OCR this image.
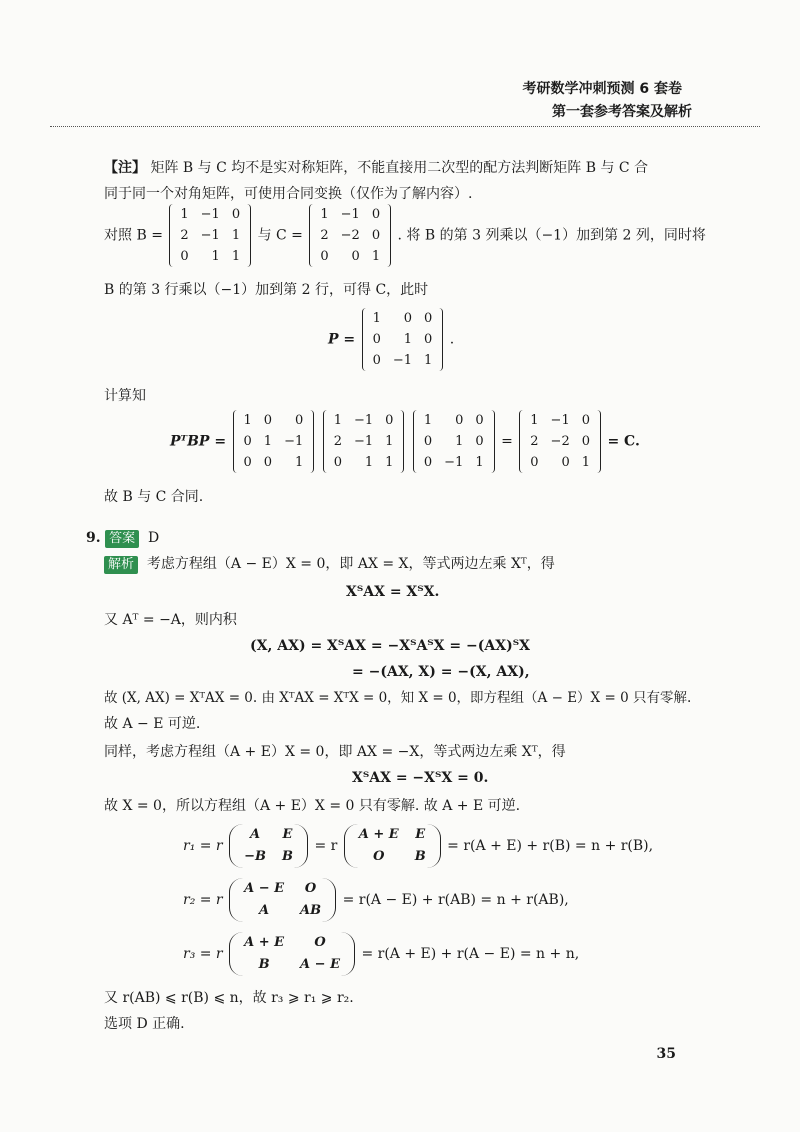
考研数学冲刺预测 6 套卷
第一套参考答案及解析
【注】 矩阵 B 与 C 均不是实对称矩阵，不能直接用二次型的配方法判断矩阵 B 与 C 合
同于同一个对角矩阵，可使用合同变换（仅作为了解内容）.
对照 B =
1	−1	0
2	−1	1
0	1	1
与 C =
1	−1	0
2	−2	0
0	0	1
. 将 B 的第 3 列乘以（−1）加到第 2 列，同时将
B 的第 3 行乘以（−1）加到第 2 行，可得 C，此时
P =
1	0	0
0	1	0
0	−1	1
.
计算知
PᵀBP =
1	0	0
0	1	−1
0	0	1

1	−1	0
2	−1	1
0	1	1

1	0	0
0	1	0
0	−1	1
=
1	−1	0
2	−2	0
0	0	1
= C.
故 B 与 C 合同.
9. 答案 D
解析 考虑方程组（A − E）X = 0，即 AX = X，等式两边左乘 Xᵀ，得
XᵀAX = XᵀX.
又 Aᵀ = −A，则内积
(X, AX) = XᵀAX = −XᵀAᵀX = −(AX)ᵀX
= −(AX, X) = −(X, AX),
故 (X, AX) = XᵀAX = 0. 由 XᵀAX = XᵀX = 0，知 X = 0，即方程组（A − E）X = 0 只有零解.
故 A − E 可逆.
同样，考虑方程组（A + E）X = 0，即 AX = −X，等式两边左乘 Xᵀ，得
XᵀAX = −XᵀX = 0.
故 X = 0，所以方程组（A + E）X = 0 只有零解. 故 A + E 可逆.
r₁ = r
A	E
−B	B
= r
A + E	E
O	B
= r(A + E) + r(B) = n + r(B),
r₂ = r
A − E	O
A	AB
= r(A − E) + r(AB) = n + r(AB),
r₃ = r
A + E	O
B	A − E
= r(A + E) + r(A − E) = n + n,
又 r(AB) ⩽ r(B) ⩽ n，故 r₃ ⩾ r₁ ⩾ r₂.
选项 D 正确.
35
